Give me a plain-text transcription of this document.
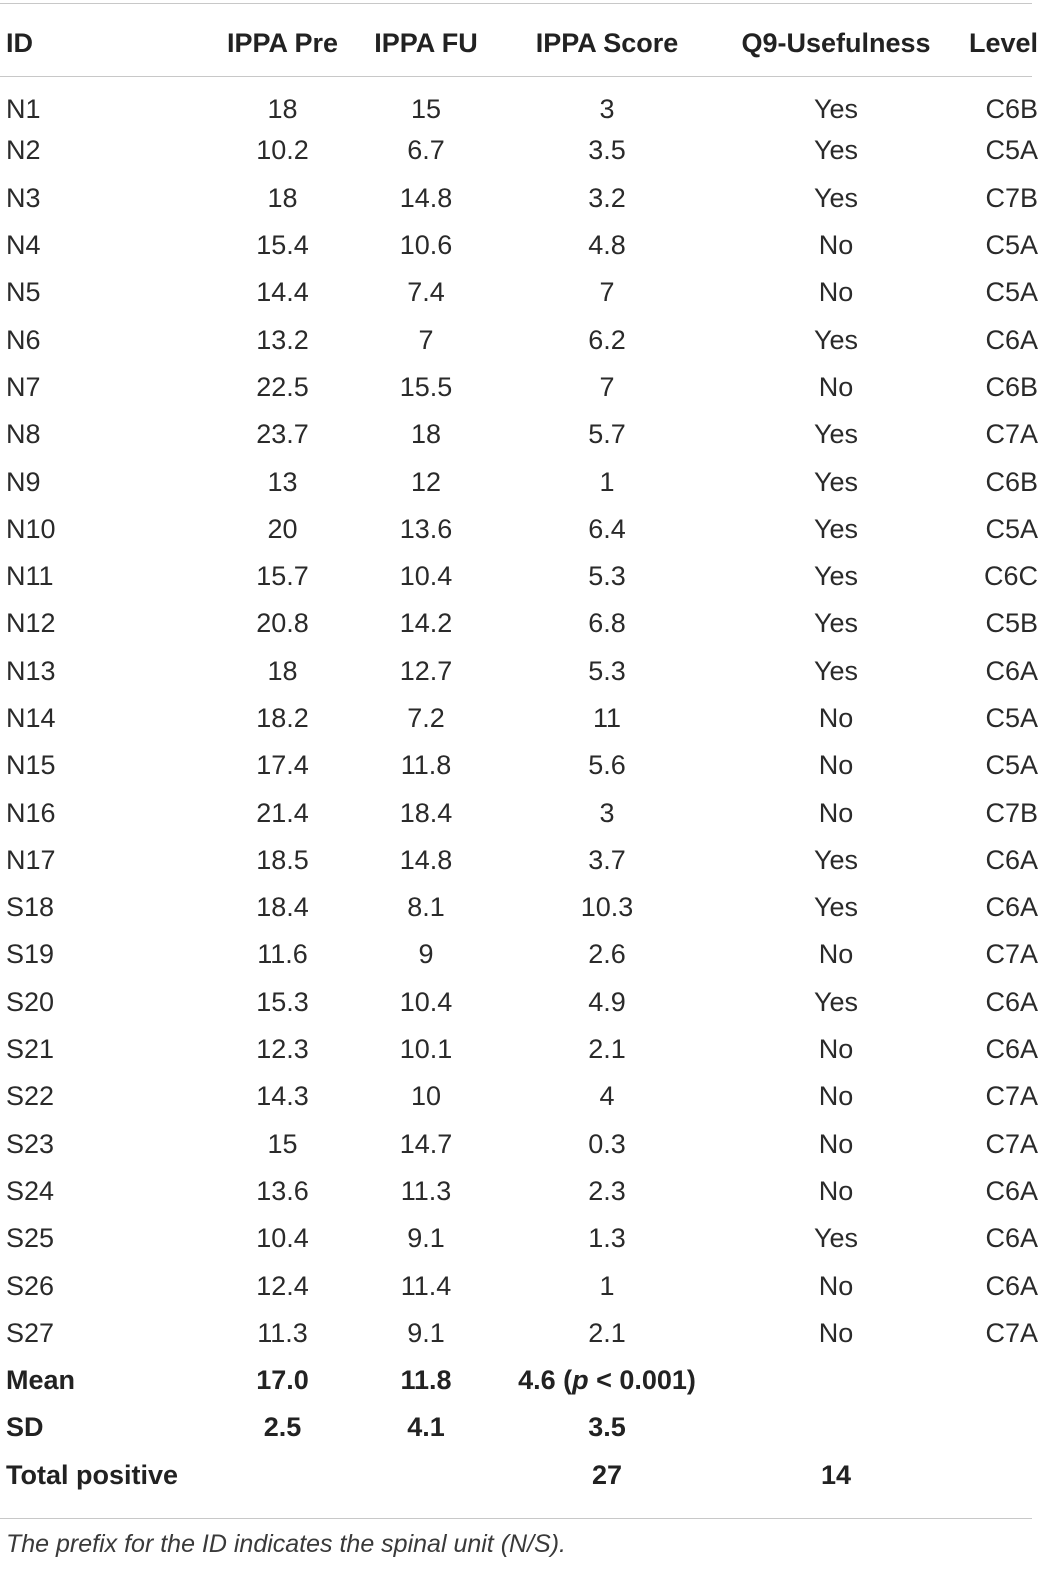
ID	IPPA Pre	IPPA FU	IPPA Score	Q9-Usefulness	Level
N1	18	15	3	Yes	C6B
N2	10.2	6.7	3.5	Yes	C5A
N3	18	14.8	3.2	Yes	C7B
N4	15.4	10.6	4.8	No	C5A
N5	14.4	7.4	7	No	C5A
N6	13.2	7	6.2	Yes	C6A
N7	22.5	15.5	7	No	C6B
N8	23.7	18	5.7	Yes	C7A
N9	13	12	1	Yes	C6B
N10	20	13.6	6.4	Yes	C5A
N11	15.7	10.4	5.3	Yes	C6C
N12	20.8	14.2	6.8	Yes	C5B
N13	18	12.7	5.3	Yes	C6A
N14	18.2	7.2	11	No	C5A
N15	17.4	11.8	5.6	No	C5A
N16	21.4	18.4	3	No	C7B
N17	18.5	14.8	3.7	Yes	C6A
S18	18.4	8.1	10.3	Yes	C6A
S19	11.6	9	2.6	No	C7A
S20	15.3	10.4	4.9	Yes	C6A
S21	12.3	10.1	2.1	No	C6A
S22	14.3	10	4	No	C7A
S23	15	14.7	0.3	No	C7A
S24	13.6	11.3	2.3	No	C6A
S25	10.4	9.1	1.3	Yes	C6A
S26	12.4	11.4	1	No	C6A
S27	11.3	9.1	2.1	No	C7A
Mean	17.0	11.8	4.6 (p < 0.001)		
SD	2.5	4.1	3.5		
Total positive			27	14	
The prefix for the ID indicates the spinal unit (N/S).
